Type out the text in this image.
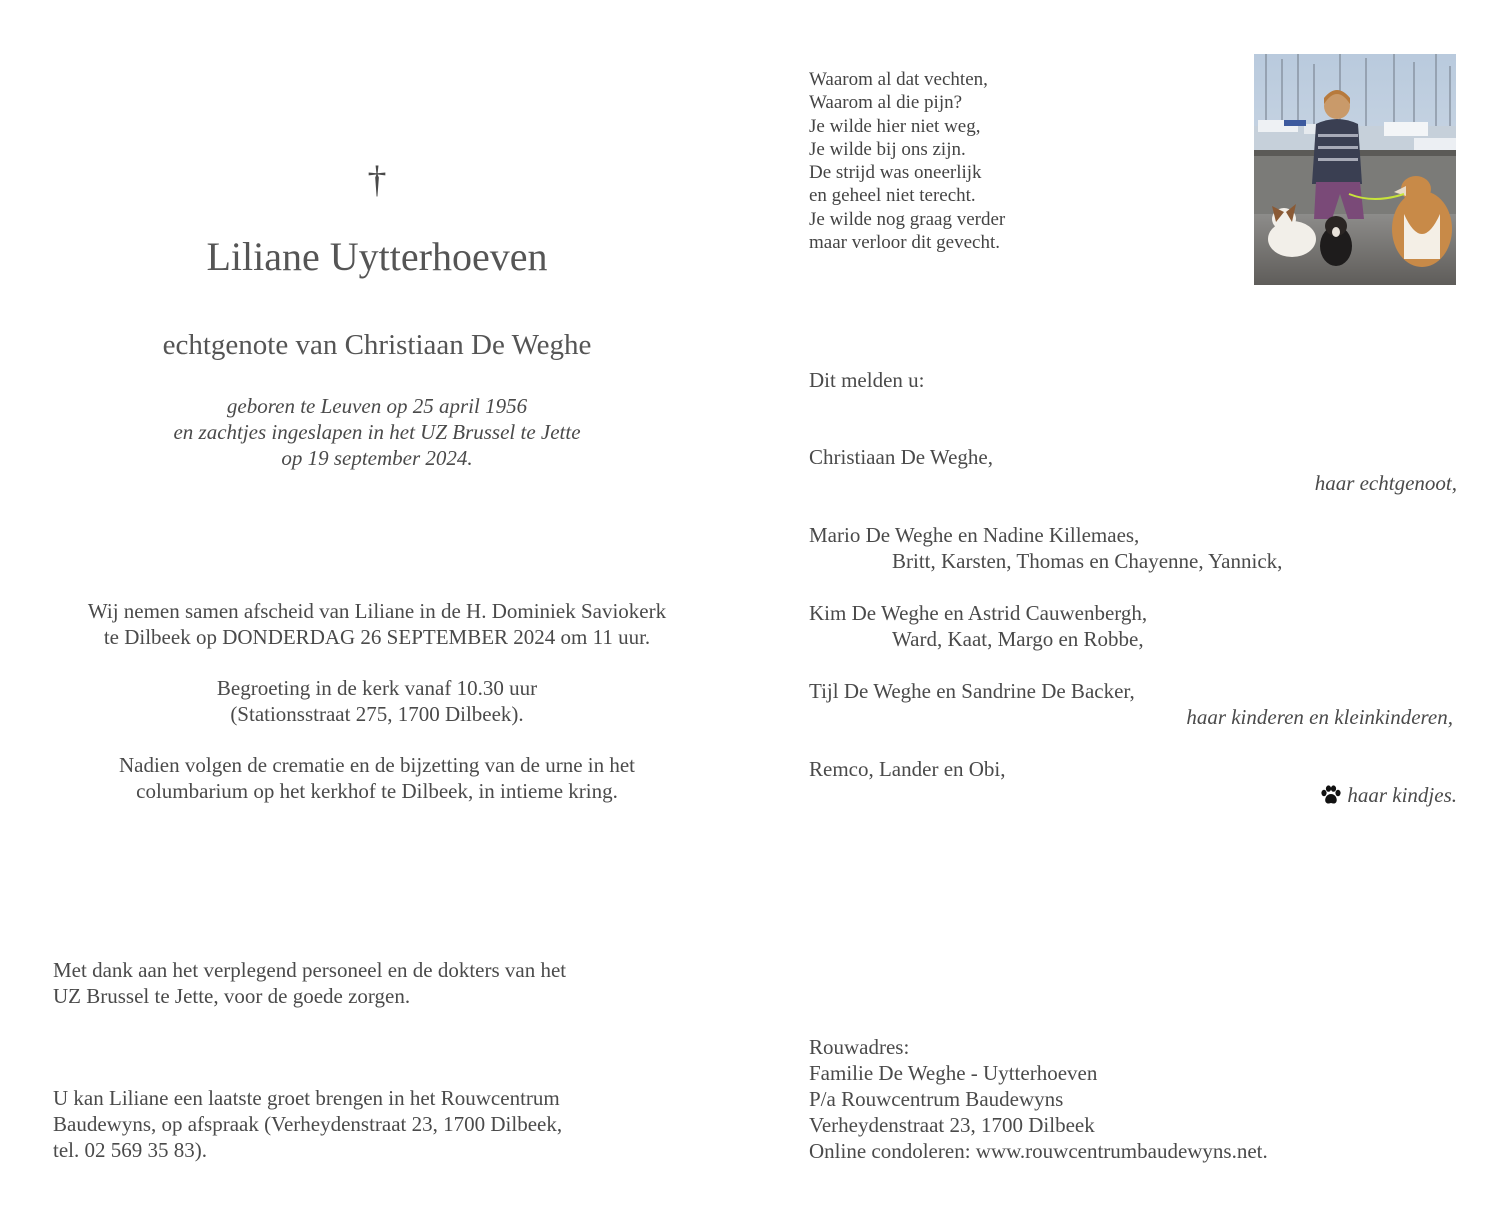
†
Liliane Uytterhoeven
echtgenote van Christiaan De Weghe
geboren te Leuven op 25 april 1956
en zachtjes ingeslapen in het UZ Brussel te Jette
op 19 september 2024.
Wij nemen samen afscheid van Liliane in de H. Dominiek Saviokerk
te Dilbeek op DONDERDAG 26 SEPTEMBER 2024 om 11 uur.
Begroeting in de kerk vanaf 10.30 uur
(Stationsstraat 275, 1700 Dilbeek).
Nadien volgen de crematie en de bijzetting van de urne in het
columbarium op het kerkhof te Dilbeek, in intieme kring.
Met dank aan het verplegend personeel en de dokters van het
UZ Brussel te Jette, voor de goede zorgen.
U kan Liliane een laatste groet brengen in het Rouwcentrum
Baudewyns, op afspraak (Verheydenstraat 23, 1700 Dilbeek,
tel. 02 569 35 83).
Waarom al dat vechten,
Waarom al die pijn?
Je wilde hier niet weg,
Je wilde bij ons zijn.
De strijd was oneerlijk
en geheel niet terecht.
Je wilde nog graag verder
maar verloor dit gevecht.
Dit melden u:
Christiaan De Weghe,
haar echtgenoot,
Mario De Weghe en Nadine Killemaes,
Britt, Karsten, Thomas en Chayenne, Yannick,
Kim De Weghe en Astrid Cauwenbergh,
Ward, Kaat, Margo en Robbe,
Tijl De Weghe en Sandrine De Backer,
haar kinderen en kleinkinderen,
Remco, Lander en Obi,
haar kindjes.
Rouwadres:
Familie De Weghe - Uytterhoeven
P/a Rouwcentrum Baudewyns
Verheydenstraat 23, 1700 Dilbeek
Online condoleren: www.rouwcentrumbaudewyns.net.
